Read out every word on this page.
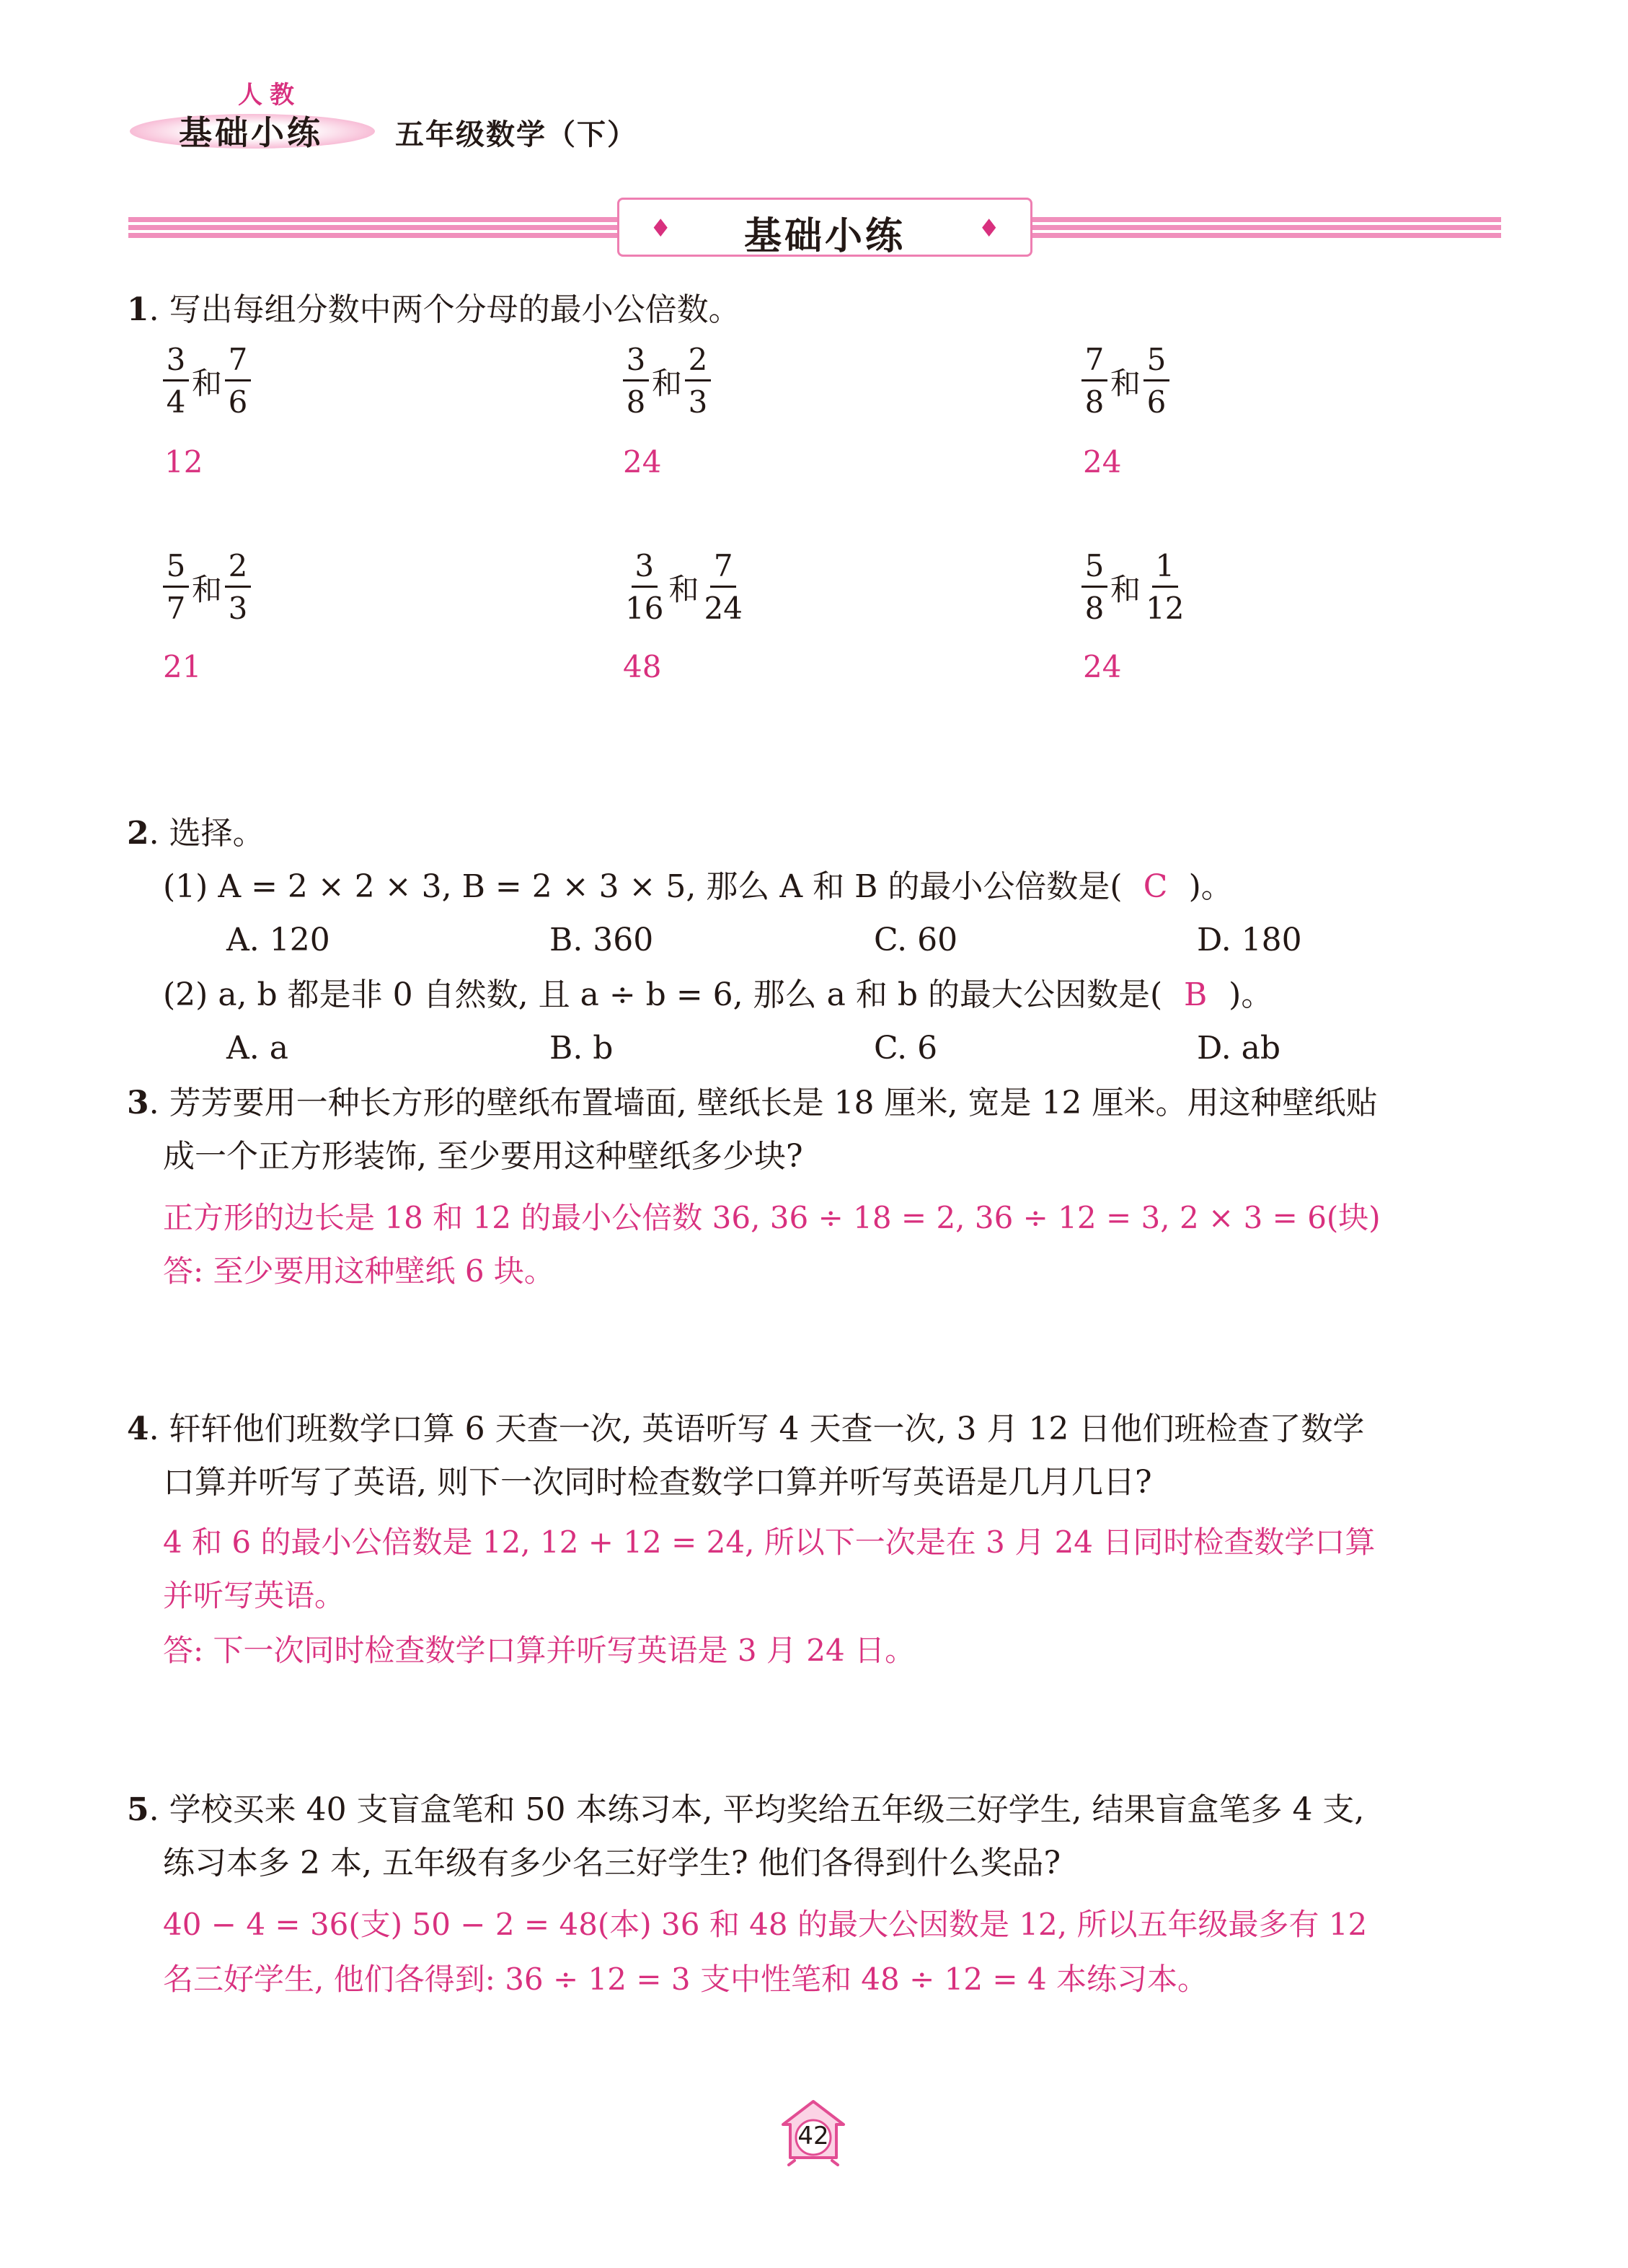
人教
基础小练	五年级数学（下）
♦	基础小练	♦
1. 写出每组分数中两个分母的最小公倍数。
$\frac{3}{4}$ 和 $\frac{7}{6}$
12
$\frac{3}{8}$ 和 $\frac{2}{3}$
24
$\frac{7}{8}$ 和 $\frac{5}{6}$
24
$\frac{5}{7}$ 和 $\frac{2}{3}$
21
$\frac{3}{16}$ 和 $\frac{7}{24}$
48
$\frac{5}{8}$ 和 $\frac{1}{12}$
24
2. 选择。
(1) A = 2 × 2 × 3, B = 2 × 3 × 5, 那么 A 和 B 的最小公倍数是( C )。
A. 120	B. 360	C. 60	D. 180
(2) a, b 都是非 0 自然数, 且 a ÷ b = 6, 那么 a 和 b 的最大公因数是( B )。
A. a	B. b	C. 6	D. ab
3. 芳芳要用一种长方形的壁纸布置墙面, 壁纸长是 18 厘米, 宽是 12 厘米。用这种壁纸贴
成一个正方形装饰, 至少要用这种壁纸多少块?
正方形的边长是 18 和 12 的最小公倍数 36, 36 ÷ 18 = 2, 36 ÷ 12 = 3, 2 × 3 = 6(块)
答: 至少要用这种壁纸 6 块。
4. 轩轩他们班数学口算 6 天查一次, 英语听写 4 天查一次, 3 月 12 日他们班检查了数学
口算并听写了英语, 则下一次同时检查数学口算并听写英语是几月几日?
4 和 6 的最小公倍数是 12, 12 + 12 = 24, 所以下一次是在 3 月 24 日同时检查数学口算
并听写英语。
答: 下一次同时检查数学口算并听写英语是 3 月 24 日。
5. 学校买来 40 支盲盒笔和 50 本练习本, 平均奖给五年级三好学生, 结果盲盒笔多 4 支,
练习本多 2 本, 五年级有多少名三好学生? 他们各得到什么奖品?
40 − 4 = 36(支) 50 − 2 = 48(本) 36 和 48 的最大公因数是 12, 所以五年级最多有 12
名三好学生, 他们各得到: 36 ÷ 12 = 3 支中性笔和 48 ÷ 12 = 4 本练习本。
42
